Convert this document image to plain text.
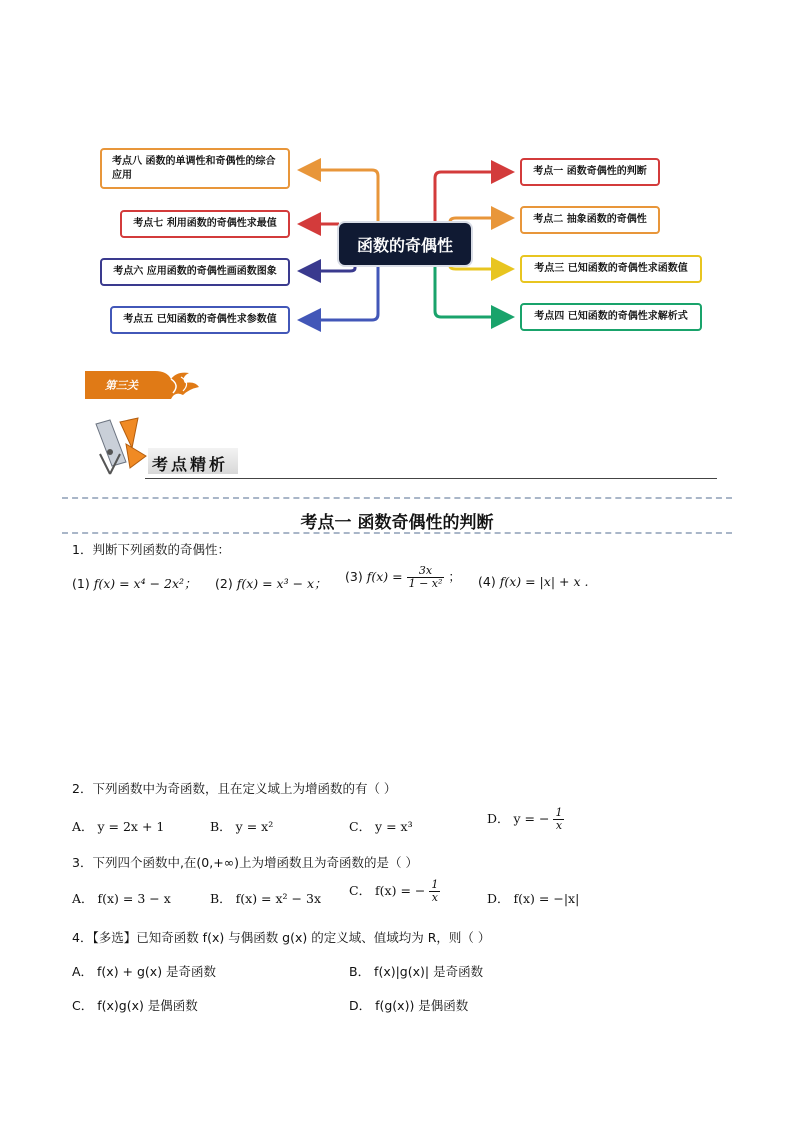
考点八 函数的单调性和奇偶性的综合应用
考点七 利用函数的奇偶性求最值
考点六 应用函数的奇偶性画函数图象
考点五 已知函数的奇偶性求参数值
考点一 函数奇偶性的判断
考点二 抽象函数的奇偶性
考点三 已知函数的奇偶性求函数值
考点四 已知函数的奇偶性求解析式
函数的奇偶性
第三关
考点精析
考点一 函数奇偶性的判断
1．判断下列函数的奇偶性：
(1) f(x) = x⁴ − 2x²； (2) f(x) = x³ − x； (3) $f(x) = \frac{3x}{\text{1 − x²}}$ ； (4) f(x) = |x| + x .
2．下列函数中为奇函数，且在定义域上为增函数的有（ ）
A． y = 2x + 1	B． y = x²	C． y = x³
D． y = − $\frac{1}{x}$
3．下列四个函数中,在(0,+∞)上为增函数且为奇函数的是（ ）
A． f(x) = 3 − x	B． f(x) = x² − 3x
C． f(x) = − $\frac{1}{x}$	D． f(x) = −|x|
4．【多选】已知奇函数 f(x) 与偶函数 g(x) 的定义域、值域均为 R，则（ ）
A． f(x) + g(x) 是奇函数	B． f(x)|g(x)| 是奇函数
C． f(x)g(x) 是偶函数	D． f(g(x)) 是偶函数
